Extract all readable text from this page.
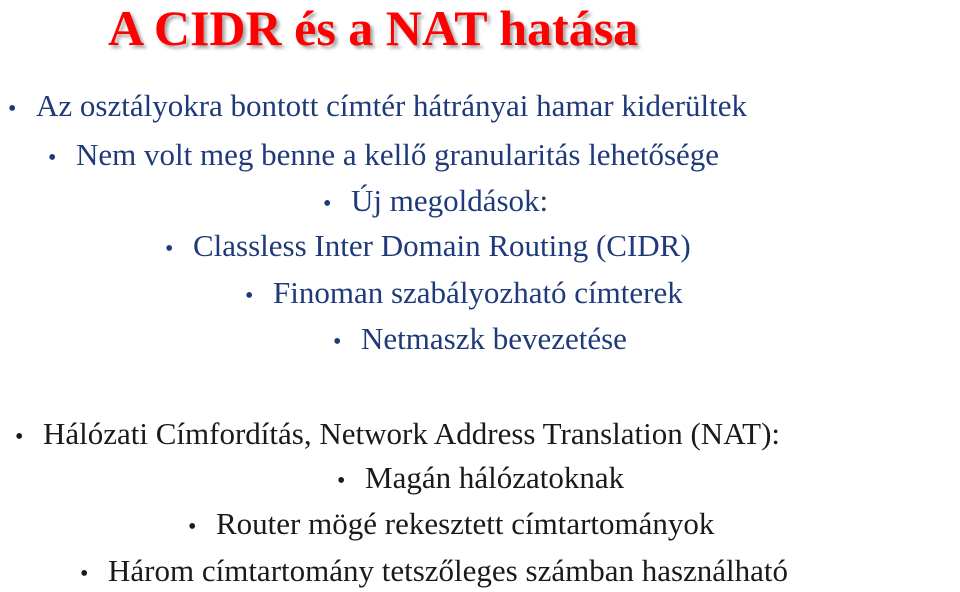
A CIDR és a NAT hatása
• Az osztályokra bontott címtér hátrányai hamar kiderültek
• Nem volt meg benne a kellő granularitás lehetősége
• Új megoldások:
• Classless Inter Domain Routing (CIDR)
• Finoman szabályozható címterek
• Netmaszk bevezetése
• Hálózati Címfordítás, Network Address Translation (NAT):
• Magán hálózatoknak
• Router mögé rekesztett címtartományok
• Három címtartomány tetszőleges számban használható
